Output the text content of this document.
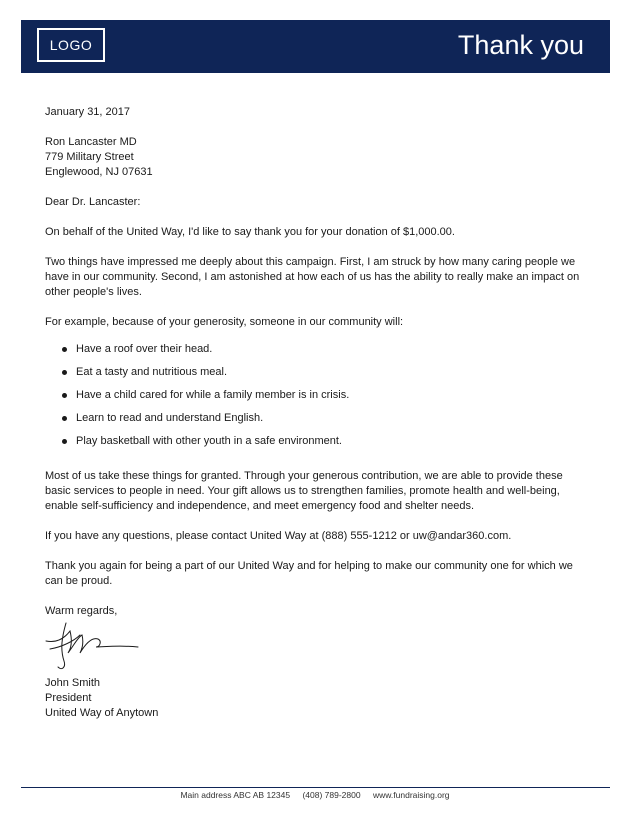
LOGO	Thank you

January 31, 2017

Ron Lancaster MD
779 Military Street
Englewood, NJ 07631

Dear Dr. Lancaster:

On behalf of the United Way, I'd like to say thank you for your donation of $1,000.00.

Two things have impressed me deeply about this campaign. First, I am struck by how many caring people we have in our community. Second, I am astonished at how each of us has the ability to really make an impact on other people's lives.

For example, because of your generosity, someone in our community will:

Have a roof over their head.
Eat a tasty and nutritious meal.
Have a child cared for while a family member is in crisis.
Learn to read and understand English.
Play basketball with other youth in a safe environment.

Most of us take these things for granted. Through your generous contribution, we are able to provide these basic services to people in need. Your gift allows us to strengthen families, promote health and well-being, enable self-sufficiency and independence, and meet emergency food and shelter needs.

If you have any questions, please contact United Way at (888) 555-1212 or uw@andar360.com.

Thank you again for being a part of our United Way and for helping to make our community one for which we can be proud.

Warm regards,

John Smith
President
United Way of Anytown
Main address ABC AB 12345 (408) 789-2800 www.fundraising.org
